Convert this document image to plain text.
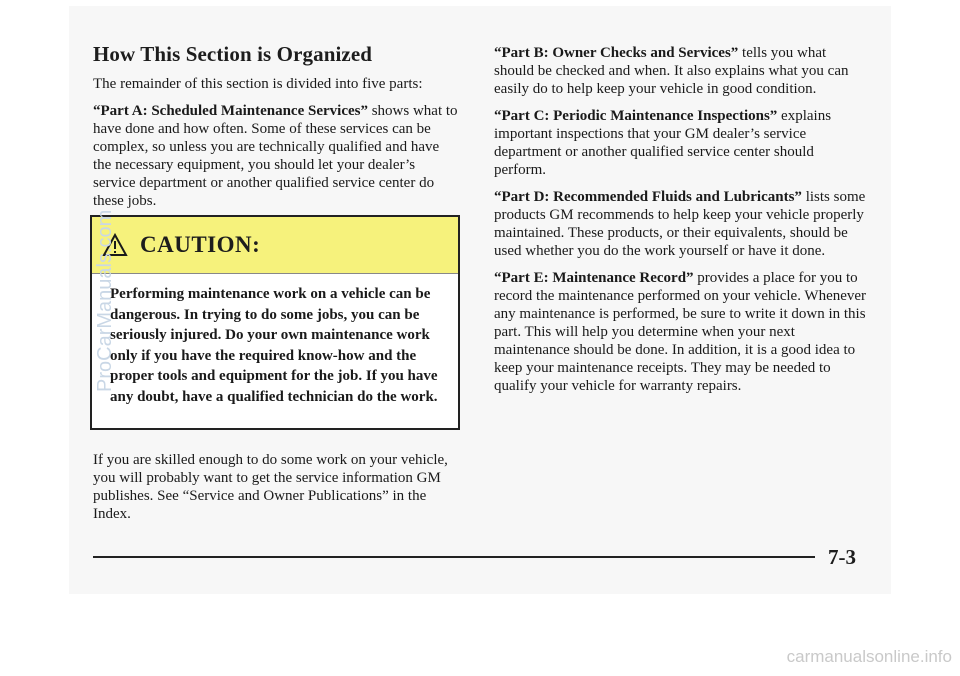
How This Section is Organized

The remainder of this section is divided into five parts:

“Part A: Scheduled Maintenance Services” shows what to have done and how often. Some of these services can be complex, so unless you are technically qualified and have the necessary equipment, you should let your dealer’s service department or another qualified service center do these jobs.

CAUTION:
Performing maintenance work on a vehicle can be dangerous. In trying to do some jobs, you can be seriously injured. Do your own maintenance work only if you have the required know-how and the proper tools and equipment for the job. If you have any doubt, have a qualified technician do the work.

If you are skilled enough to do some work on your vehicle, you will probably want to get the service information GM publishes. See “Service and Owner Publications” in the Index.

“Part B: Owner Checks and Services” tells you what should be checked and when. It also explains what you can easily do to help keep your vehicle in good condition.

“Part C: Periodic Maintenance Inspections” explains important inspections that your GM dealer’s service department or another qualified service center should perform.

“Part D: Recommended Fluids and Lubricants” lists some products GM recommends to help keep your vehicle properly maintained. These products, or their equivalents, should be used whether you do the work yourself or have it done.

“Part E: Maintenance Record” provides a place for you to record the maintenance performed on your vehicle. Whenever any maintenance is performed, be sure to write it down in this part. This will help you determine when your next maintenance should be done. In addition, it is a good idea to keep your maintenance receipts. They may be needed to qualify your vehicle for warranty repairs.

7-3
ProCarManuals.com
carmanualsonline.info
